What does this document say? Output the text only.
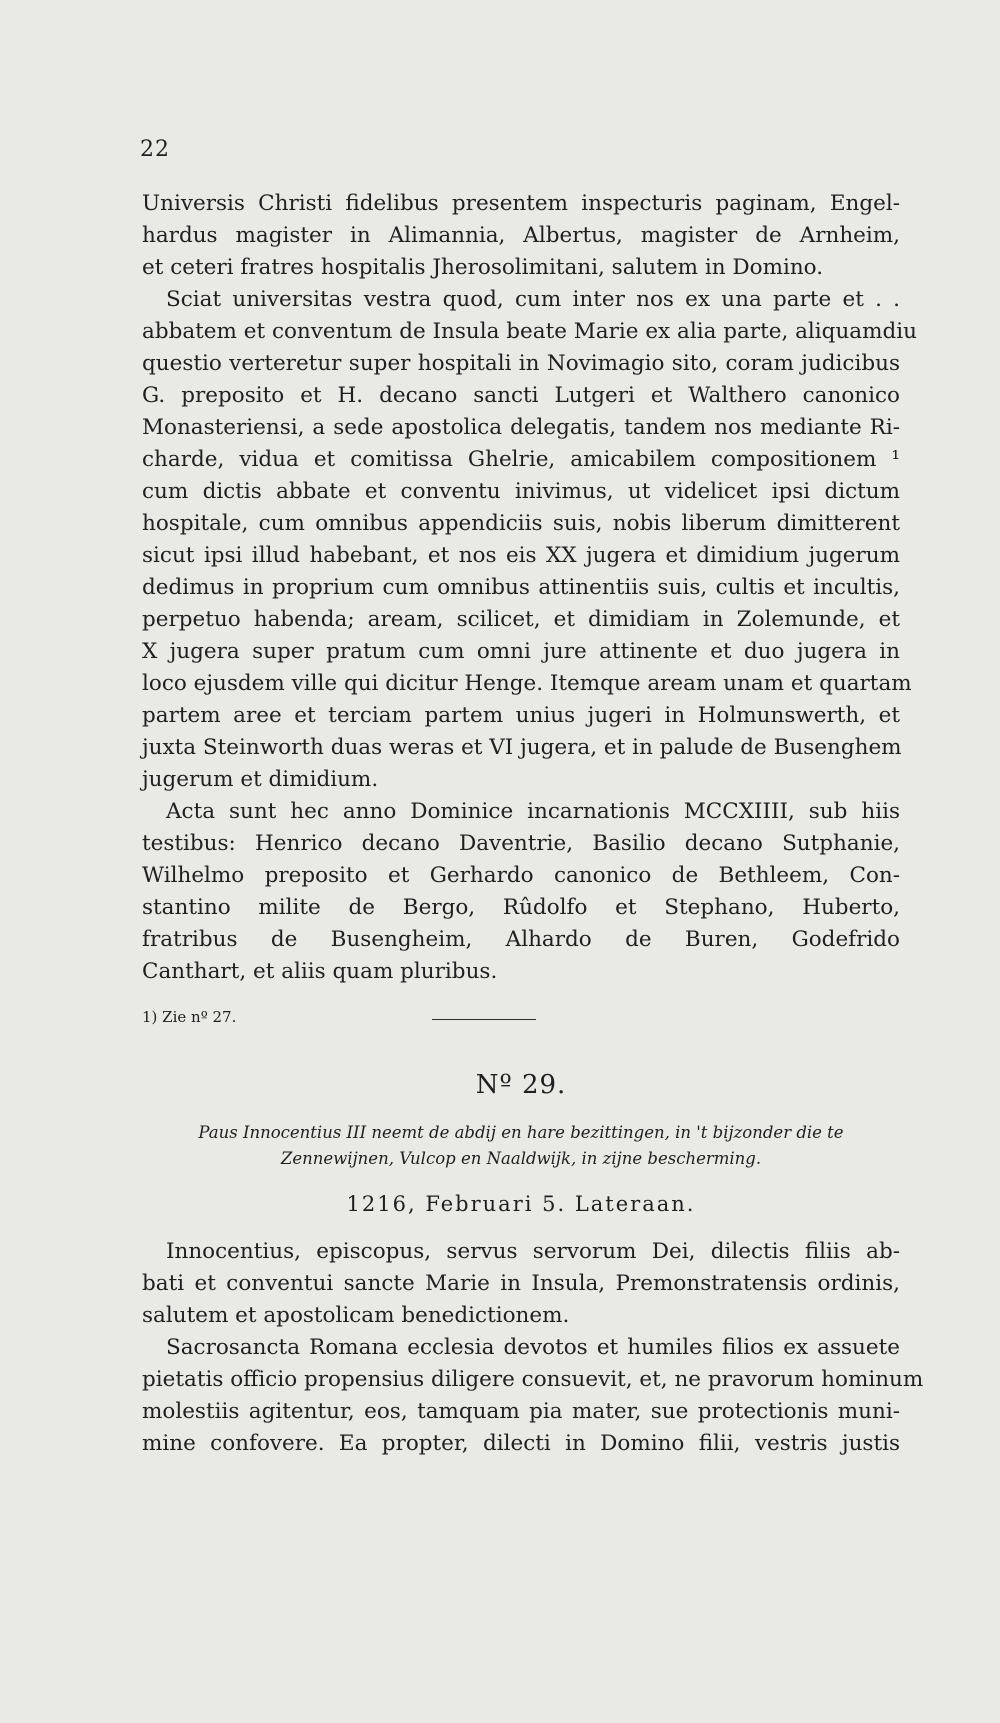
22
Universis Christi fidelibus presentem inspecturis paginam, Engel-
hardus magister in Alimannia, Albertus, magister de Arnheim,
et ceteri fratres hospitalis Jherosolimitani, salutem in Domino.
Sciat universitas vestra quod, cum inter nos ex una parte et . .
abbatem et conventum de Insula beate Marie ex alia parte, aliquamdiu
questio verteretur super hospitali in Novimagio sito, coram judicibus
G. preposito et H. decano sancti Lutgeri et Walthero canonico
Monasteriensi, a sede apostolica delegatis, tandem nos mediante Ri-
charde, vidua et comitissa Ghelrie, amicabilem compositionem ¹
cum dictis abbate et conventu inivimus, ut videlicet ipsi dictum
hospitale, cum omnibus appendiciis suis, nobis liberum dimitterent
sicut ipsi illud habebant, et nos eis XX jugera et dimidium jugerum
dedimus in proprium cum omnibus attinentiis suis, cultis et incultis,
perpetuo habenda; aream, scilicet, et dimidiam in Zolemunde, et
X jugera super pratum cum omni jure attinente et duo jugera in
loco ejusdem ville qui dicitur Henge. Itemque aream unam et quartam
partem aree et terciam partem unius jugeri in Holmunswerth, et
juxta Steinworth duas weras et VI jugera, et in palude de Busenghem
jugerum et dimidium.
Acta sunt hec anno Dominice incarnationis MCCXIIII, sub hiis
testibus: Henrico decano Daventrie, Basilio decano Sutphanie,
Wilhelmo preposito et Gerhardo canonico de Bethleem, Con-
stantino milite de Bergo, Rûdolfo et Stephano, Huberto,
fratribus de Busengheim, Alhardo de Buren, Godefrido
Canthart, et aliis quam pluribus.
1) Zie nº 27.
Nº 29.
Paus Innocentius III neemt de abdij en hare bezittingen, in 't bijzonder die te
Zennewijnen, Vulcop en Naaldwijk, in zijne bescherming.
1216, Februari 5. Lateraan.
Innocentius, episcopus, servus servorum Dei, dilectis filiis ab-
bati et conventui sancte Marie in Insula, Premonstratensis ordinis,
salutem et apostolicam benedictionem.
Sacrosancta Romana ecclesia devotos et humiles filios ex assuete
pietatis officio propensius diligere consuevit, et, ne pravorum hominum
molestiis agitentur, eos, tamquam pia mater, sue protectionis muni-
mine confovere. Ea propter, dilecti in Domino filii, vestris justis
